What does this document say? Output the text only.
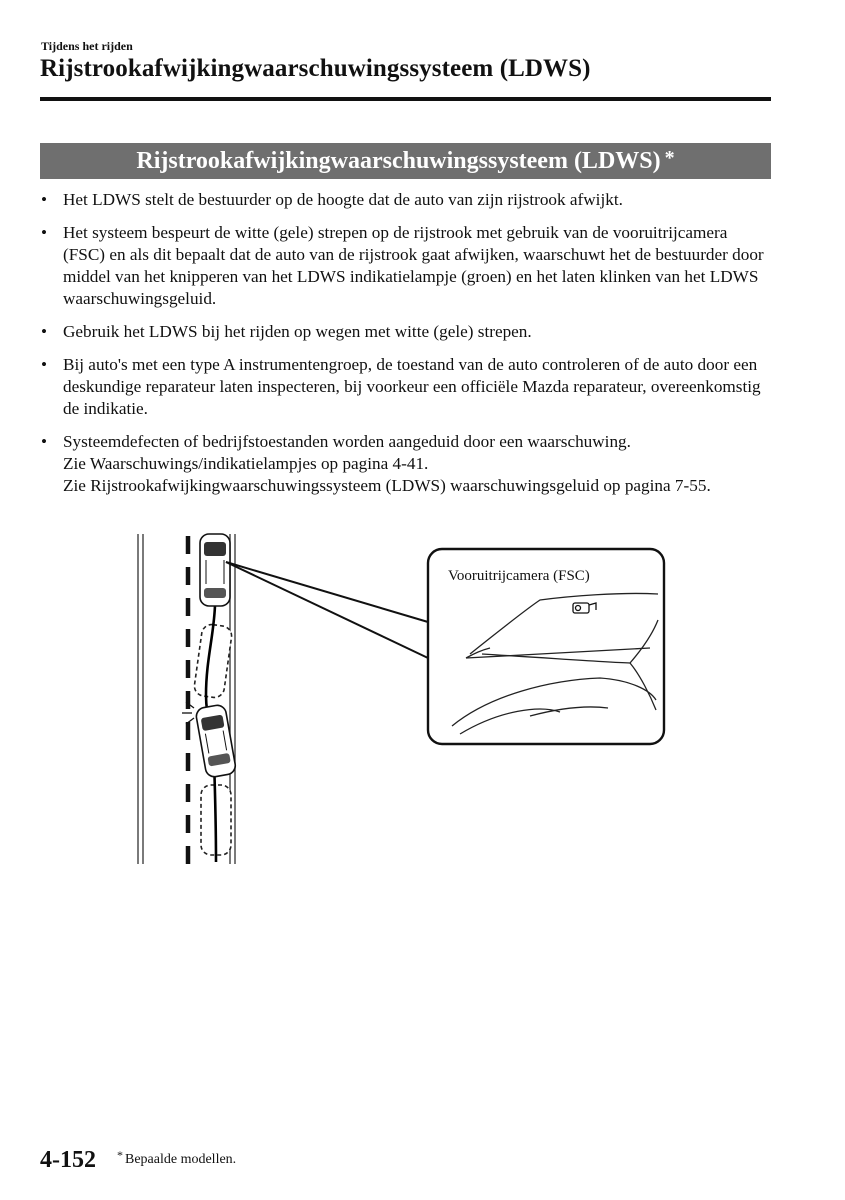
Tijdens het rijden
Rijstrookafwijkingwaarschuwingssysteem (LDWS)
Rijstrookafwijkingwaarschuwingssysteem (LDWS) *
• Het LDWS stelt de bestuurder op de hoogte dat de auto van zijn rijstrook afwijkt.
• Het systeem bespeurt de witte (gele) strepen op de rijstrook met gebruik van de vooruitrijcamera (FSC) en als dit bepaalt dat de auto van de rijstrook gaat afwijken, waarschuwt het de bestuurder door middel van het knipperen van het LDWS indikatielampje (groen) en het laten klinken van het LDWS waarschuwingsgeluid.
• Gebruik het LDWS bij het rijden op wegen met witte (gele) strepen.
• Bij auto's met een type A instrumentengroep, de toestand van de auto controleren of de auto door een deskundige reparateur laten inspecteren, bij voorkeur een officiële Mazda reparateur, overeenkomstig de indikatie.
• Systeemdefecten of bedrijfstoestanden worden aangeduid door een waarschuwing.
Zie Waarschuwings/indikatielampjes op pagina 4-41.
Zie Rijstrookafwijkingwaarschuwingssysteem (LDWS) waarschuwingsgeluid op pagina 7-55.
Vooruitrijcamera (FSC)
4-152 * Bepaalde modellen.
